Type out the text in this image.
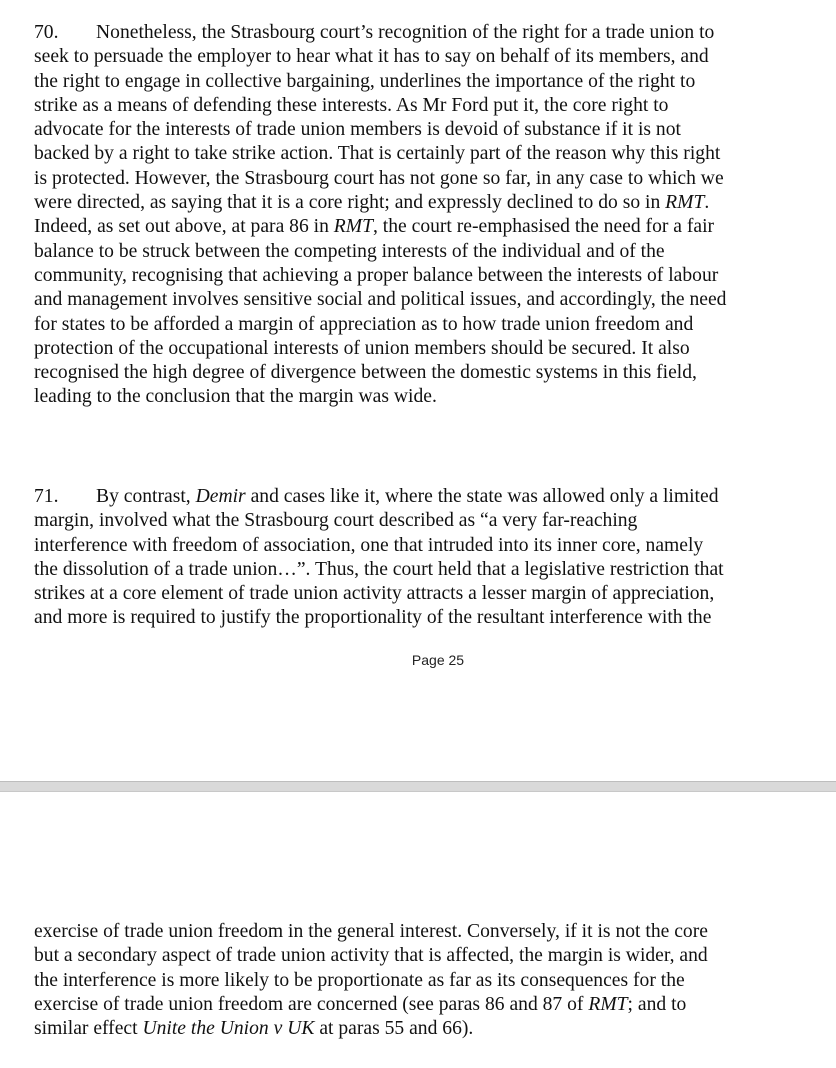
70. Nonetheless, the Strasbourg court’s recognition of the right for a trade union to
seek to persuade the employer to hear what it has to say on behalf of its members, and
the right to engage in collective bargaining, underlines the importance of the right to
strike as a means of defending these interests. As Mr Ford put it, the core right to
advocate for the interests of trade union members is devoid of substance if it is not
backed by a right to take strike action. That is certainly part of the reason why this right
is protected. However, the Strasbourg court has not gone so far, in any case to which we
were directed, as saying that it is a core right; and expressly declined to do so in RMT.
Indeed, as set out above, at para 86 in RMT, the court re-emphasised the need for a fair
balance to be struck between the competing interests of the individual and of the
community, recognising that achieving a proper balance between the interests of labour
and management involves sensitive social and political issues, and accordingly, the need
for states to be afforded a margin of appreciation as to how trade union freedom and
protection of the occupational interests of union members should be secured. It also
recognised the high degree of divergence between the domestic systems in this field,
leading to the conclusion that the margin was wide.

71. By contrast, Demir and cases like it, where the state was allowed only a limited
margin, involved what the Strasbourg court described as “a very far-reaching
interference with freedom of association, one that intruded into its inner core, namely
the dissolution of a trade union…”. Thus, the court held that a legislative restriction that
strikes at a core element of trade union activity attracts a lesser margin of appreciation,
and more is required to justify the proportionality of the resultant interference with the

Page 25

exercise of trade union freedom in the general interest. Conversely, if it is not the core
but a secondary aspect of trade union activity that is affected, the margin is wider, and
the interference is more likely to be proportionate as far as its consequences for the
exercise of trade union freedom are concerned (see paras 86 and 87 of RMT; and to
similar effect Unite the Union v UK at paras 55 and 66).
